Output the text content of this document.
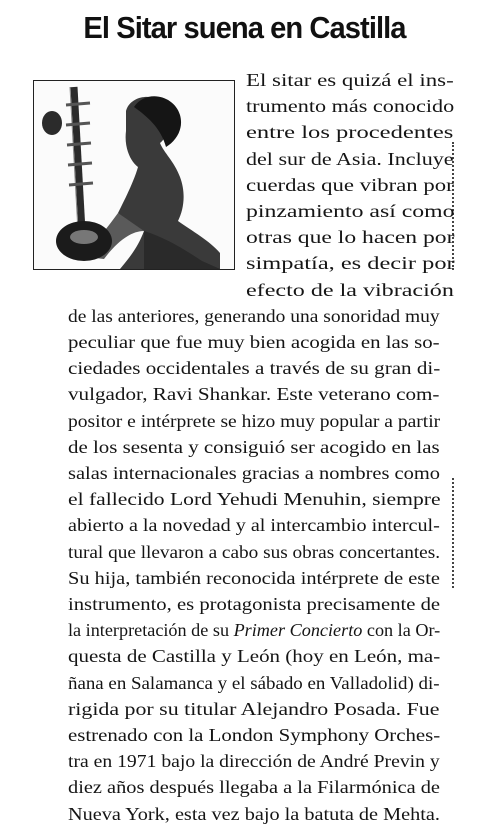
El Sitar suena en Castilla
El sitar es quizá el ins-
trumento más conocido
entre los procedentes
del sur de Asia. Incluye
cuerdas que vibran por
pinzamiento así como
otras que lo hacen por
simpatía, es decir por
efecto de la vibración
de las anteriores, generando una sonoridad muy
peculiar que fue muy bien acogida en las so-
ciedades occidentales a través de su gran di-
vulgador, Ravi Shankar. Este veterano com-
positor e intérprete se hizo muy popular a partir
de los sesenta y consiguió ser acogido en las
salas internacionales gracias a nombres como
el fallecido Lord Yehudi Menuhin, siempre
abierto a la novedad y al intercambio intercul-
tural que llevaron a cabo sus obras concertantes.
Su hija, también reconocida intérprete de este
instrumento, es protagonista precisamente de
la interpretación de su Primer Concierto con la Or-
questa de Castilla y León (hoy en León, ma-
ñana en Salamanca y el sábado en Valladolid) di-
rigida por su titular Alejandro Posada. Fue
estrenado con la London Symphony Orches-
tra en 1971 bajo la dirección de André Previn y
diez años después llegaba a la Filarmónica de
Nueva York, esta vez bajo la batuta de Mehta.
